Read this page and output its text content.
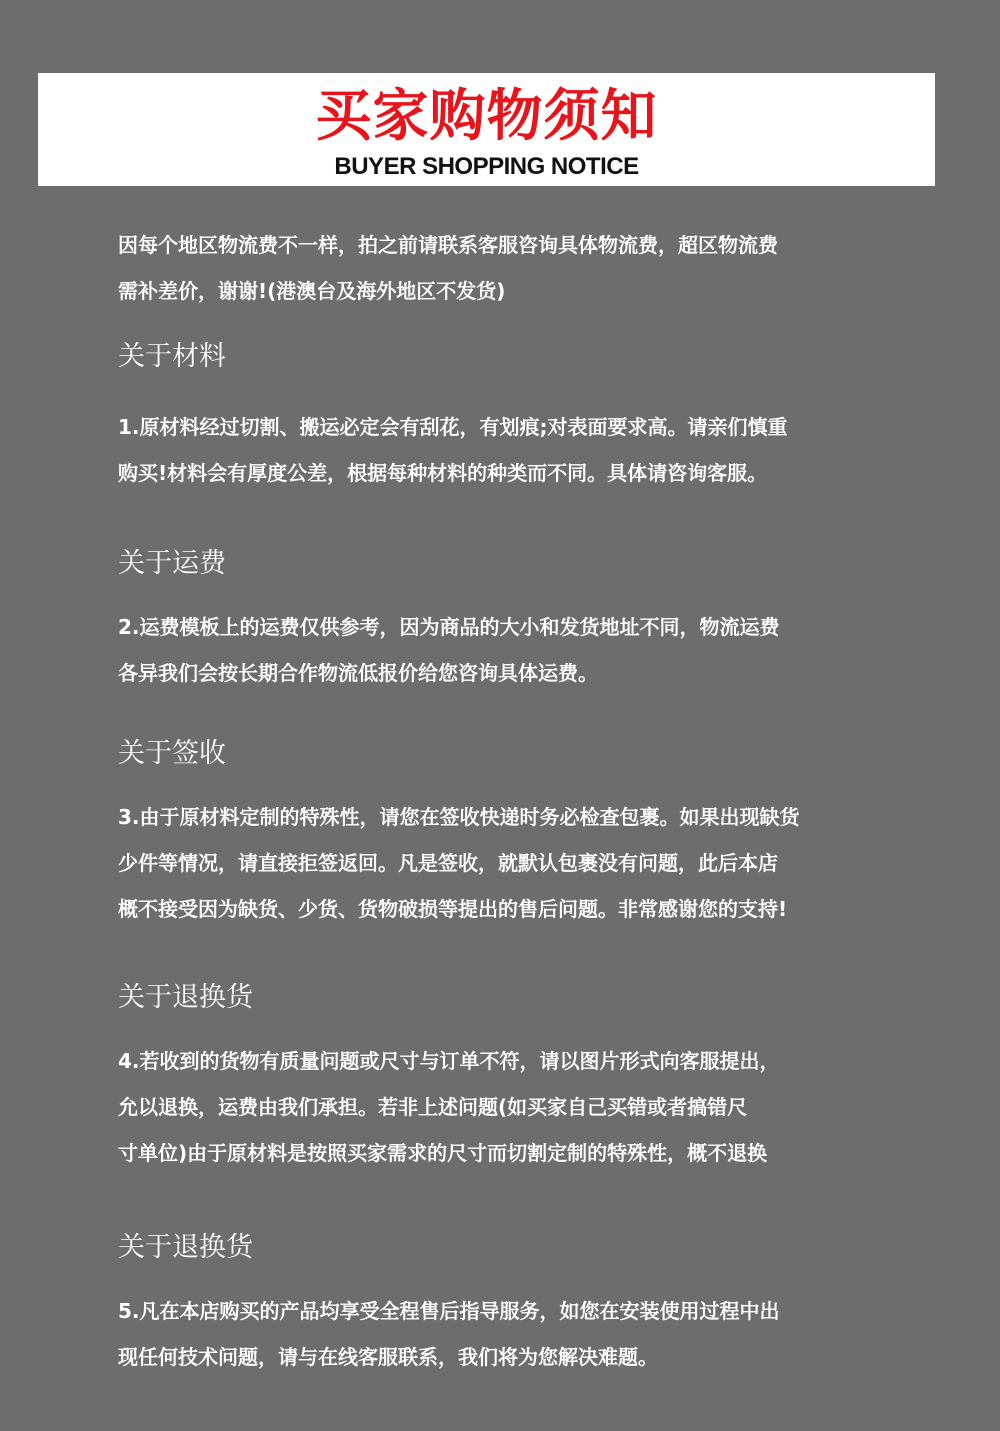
买家购物须知

BUYER SHOPPING NOTICE

因每个地区物流费不一样，拍之前请联系客服咨询具体物流费，超区物流费
需补差价，谢谢!(港澳台及海外地区不发货)

关于材料

1.原材料经过切割、搬运必定会有刮花，有划痕;对表面要求高。请亲们慎重
购买!材料会有厚度公差，根据每种材料的种类而不同。具体请咨询客服。

关于运费

2.运费模板上的运费仅供参考，因为商品的大小和发货地址不同，物流运费
各异我们会按长期合作物流低报价给您咨询具体运费。

关于签收

3.由于原材料定制的特殊性，请您在签收快递时务必检查包裹。如果出现缺货
少件等情况，请直接拒签返回。凡是签收，就默认包裹没有问题，此后本店
概不接受因为缺货、少货、货物破损等提出的售后问题。非常感谢您的支持!

关于退换货

4.若收到的货物有质量问题或尺寸与订单不符，请以图片形式向客服提出，
允以退换，运费由我们承担。若非上述问题(如买家自己买错或者搞错尺
寸单位)由于原材料是按照买家需求的尺寸而切割定制的特殊性，概不退换

关于退换货

5.凡在本店购买的产品均享受全程售后指导服务，如您在安装使用过程中出
现任何技术问题，请与在线客服联系，我们将为您解决难题。
